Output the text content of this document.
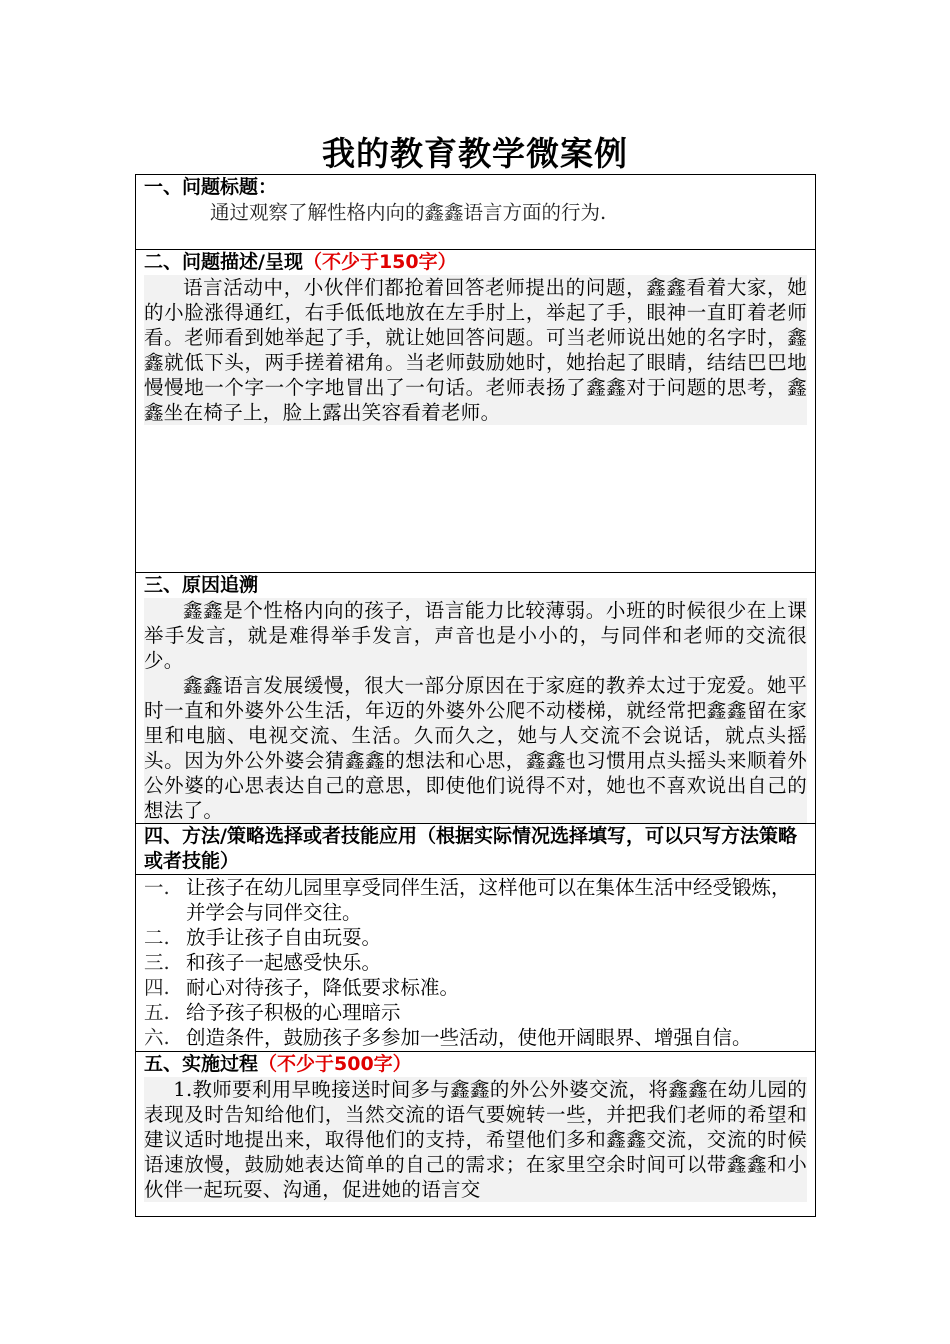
我的教育教学微案例
一、问题标题：

通过观察了解性格内向的鑫鑫语言方面的行为.

二、问题描述/呈现（不少于150字）

语言活动中，小伙伴们都抢着回答老师提出的问题，鑫鑫看着大家，她的小脸涨得通红，右手低低地放在左手肘上，举起了手，眼神一直盯着老师看。老师看到她举起了手，就让她回答问题。可当老师说出她的名字时，鑫鑫就低下头，两手搓着裙角。当老师鼓励她时，她抬起了眼睛，结结巴巴地慢慢地一个字一个字地冒出了一句话。老师表扬了鑫鑫对于问题的思考，鑫鑫坐在椅子上，脸上露出笑容看着老师。

三、原因追溯

鑫鑫是个性格内向的孩子，语言能力比较薄弱。小班的时候很少在上课举手发言，就是难得举手发言，声音也是小小的，与同伴和老师的交流很少。

鑫鑫语言发展缓慢，很大一部分原因在于家庭的教养太过于宠爱。她平时一直和外婆外公生活，年迈的外婆外公爬不动楼梯，就经常把鑫鑫留在家里和电脑、电视交流、生活。久而久之，她与人交流不会说话，就点头摇头。因为外公外婆会猜鑫鑫的想法和心思，鑫鑫也习惯用点头摇头来顺着外公外婆的心思表达自己的意思，即使他们说得不对，她也不喜欢说出自己的想法了。

四、方法/策略选择或者技能应用（根据实际情况选择填写，可以只写方法策略或者技能）

一. 让孩子在幼儿园里享受同伴生活，这样他可以在集体生活中经受锻炼，并学会与同伴交往。
二. 放手让孩子自由玩耍。
三. 和孩子一起感受快乐。
四. 耐心对待孩子，降低要求标准。
五. 给予孩子积极的心理暗示
六. 创造条件，鼓励孩子多参加一些活动，使他开阔眼界、增强自信。

五、实施过程（不少于500字）

1.教师要利用早晚接送时间多与鑫鑫的外公外婆交流，将鑫鑫在幼儿园的表现及时告知给他们，当然交流的语气要婉转一些，并把我们老师的希望和建议适时地提出来，取得他们的支持，希望他们多和鑫鑫交流，交流的时候语速放慢，鼓励她表达简单的自己的需求；在家里空余时间可以带鑫鑫和小伙伴一起玩耍、沟通，促进她的语言交
